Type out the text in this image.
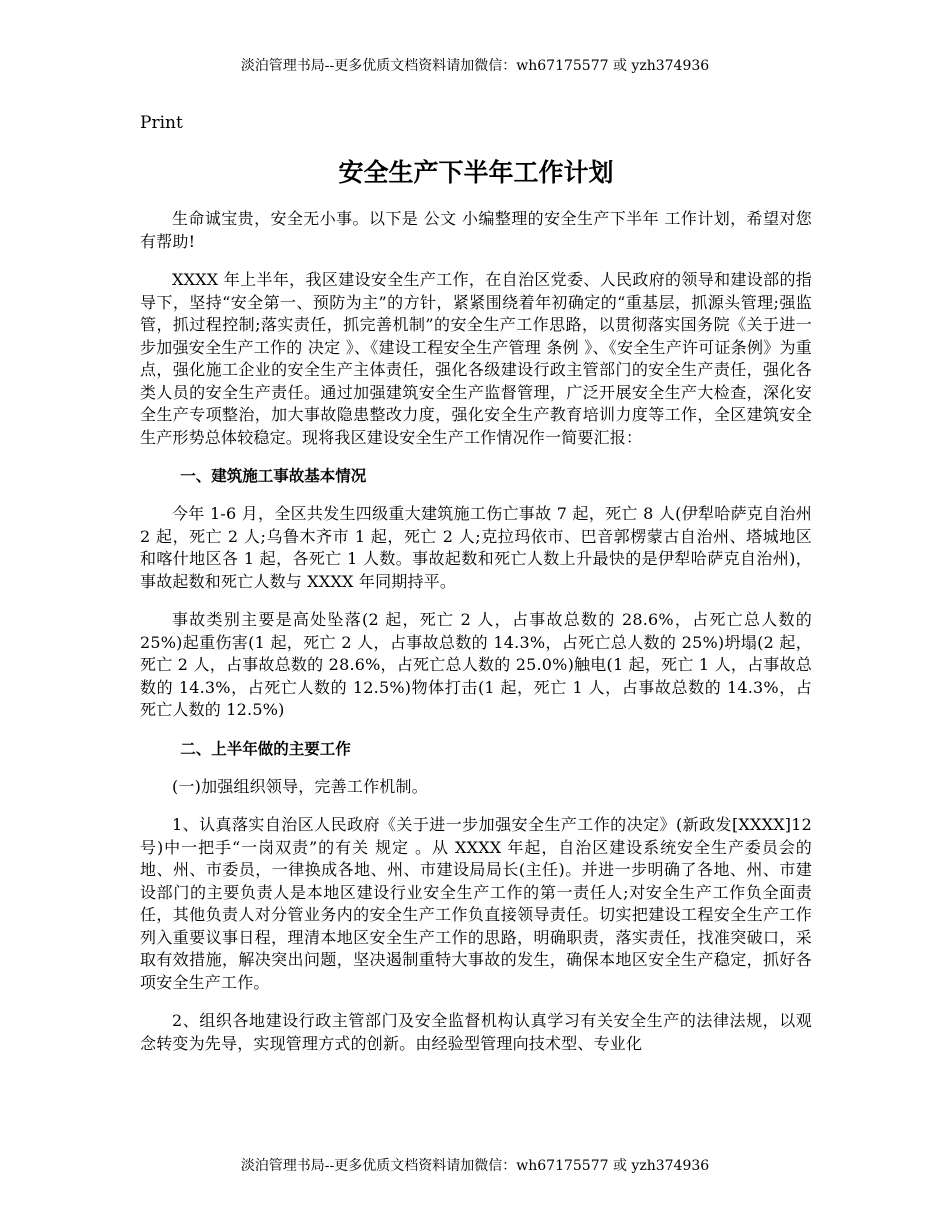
淡泊管理书局--更多优质文档资料请加微信：wh67175577 或 yzh374936

Print

安全生产下半年工作计划

生命诚宝贵，安全无小事。以下是 公文 小编整理的安全生产下半年 工作计划，希望对您有帮助!

XXXX 年上半年，我区建设安全生产工作，在自治区党委、人民政府的领导和建设部的指导下，坚持“安全第一、预防为主”的方针，紧紧围绕着年初确定的“重基层，抓源头管理;强监管，抓过程控制;落实责任，抓完善机制”的安全生产工作思路，以贯彻落实国务院《关于进一步加强安全生产工作的 决定 》、《建设工程安全生产管理 条例 》、《安全生产许可证条例》为重点，强化施工企业的安全生产主体责任，强化各级建设行政主管部门的安全生产责任，强化各类人员的安全生产责任。通过加强建筑安全生产监督管理，广泛开展安全生产大检查，深化安全生产专项整治，加大事故隐患整改力度，强化安全生产教育培训力度等工作，全区建筑安全生产形势总体较稳定。现将我区建设安全生产工作情况作一简要汇报：

一、建筑施工事故基本情况

今年 1-6 月，全区共发生四级重大建筑施工伤亡事故 7 起，死亡 8 人(伊犁哈萨克自治州 2 起，死亡 2 人;乌鲁木齐市 1 起，死亡 2 人;克拉玛依市、巴音郭楞蒙古自治州、塔城地区和喀什地区各 1 起，各死亡 1 人数。事故起数和死亡人数上升最快的是伊犁哈萨克自治州)，事故起数和死亡人数与 XXXX 年同期持平。

事故类别主要是高处坠落(2 起，死亡 2 人，占事故总数的 28.6%，占死亡总人数的 25%)起重伤害(1 起，死亡 2 人，占事故总数的 14.3%，占死亡总人数的 25%)坍塌(2 起，死亡 2 人，占事故总数的 28.6%，占死亡总人数的 25.0%)触电(1 起，死亡 1 人，占事故总数的 14.3%，占死亡人数的 12.5%)物体打击(1 起，死亡 1 人，占事故总数的 14.3%，占死亡人数的 12.5%)

二、上半年做的主要工作

(一)加强组织领导，完善工作机制。

1、认真落实自治区人民政府《关于进一步加强安全生产工作的决定》(新政发[XXXX]12 号)中一把手“一岗双责”的有关 规定 。从 XXXX 年起，自治区建设系统安全生产委员会的地、州、市委员，一律换成各地、州、市建设局局长(主任)。并进一步明确了各地、州、市建设部门的主要负责人是本地区建设行业安全生产工作的第一责任人;对安全生产工作负全面责任，其他负责人对分管业务内的安全生产工作负直接领导责任。切实把建设工程安全生产工作列入重要议事日程，理清本地区安全生产工作的思路，明确职责，落实责任，找准突破口，采取有效措施，解决突出问题，坚决遏制重特大事故的发生，确保本地区安全生产稳定，抓好各项安全生产工作。

2、组织各地建设行政主管部门及安全监督机构认真学习有关安全生产的法律法规，以观念转变为先导，实现管理方式的创新。由经验型管理向技术型、专业化

淡泊管理书局--更多优质文档资料请加微信：wh67175577 或 yzh374936
